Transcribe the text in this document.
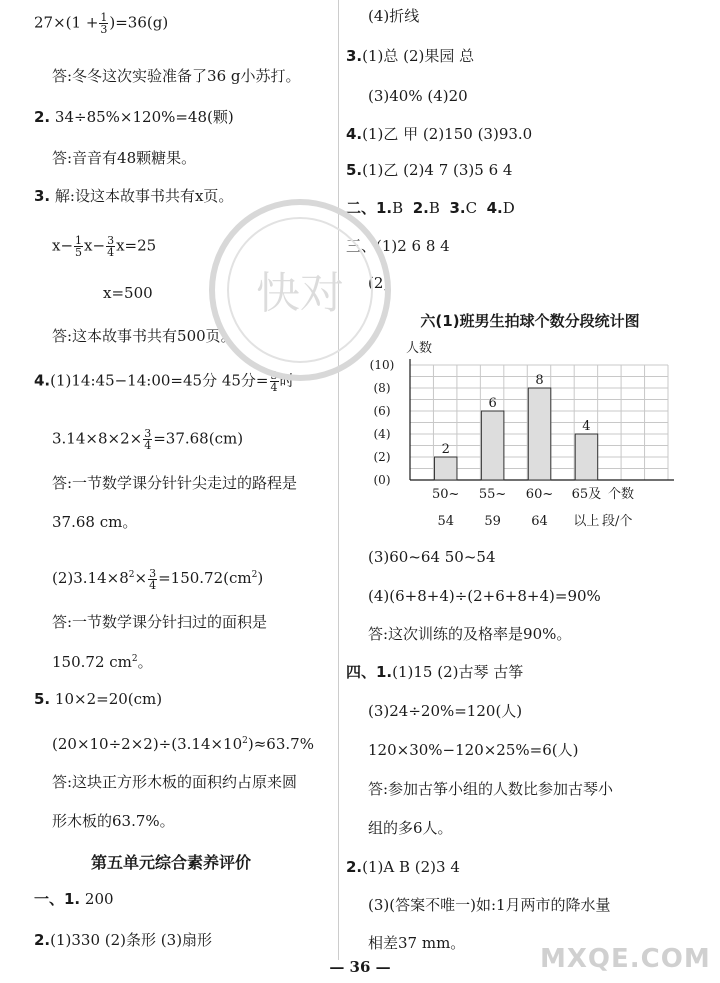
$27\times(1 + \frac{1}{3} )=36(g)$
答:冬冬这次实验准备了36 g小苏打。
2. 34÷85%×120%=48(颗)
答:音音有48颗糖果。
3. 解:设这本故事书共有x页。
$x- \frac{1}{5} x- \frac{3}{4} x=25$
x=500
答:这本故事书共有500页。
4.(1)14:45−14:00=45分 45分= $\frac{3}{4}$ 时
$3.14\times 8\times 2\times \frac{3}{4} =37.68(cm)$
答:一节数学课分针针尖走过的路程是
37.68 cm。
$(2)3.14\times 8^2\times \frac{3}{4} =150.72(cm^2)$
答:一节数学课分针扫过的面积是
150.72 $cm^2$。
5. 10×2=20(cm)
$(20\times 10\div 2\times 2)\div(3.14\times 10^2)\approx 63.7\%$
答:这块正方形木板的面积约占原来圆
形木板的63.7%。
第五单元综合素养评价
一、1. 200
2.(1)330 (2)条形 (3)扇形
(4)折线
3.(1)总 (2)果园 总
(3)40% (4)20
4.(1)乙 甲 (2)150 (3)93.0
5.(1)乙 (2)4 7 (3)5 6 4
二、1.B 2.B 3.C 4.D
三、(1)2 6 8 4
(2)
六(1)班男生拍球个数分段统计图
人数
(0)
(2)
(4)
(6)
(8)
(10)
2
50~
54
6
55~
59
8
60~
64
4
65及
以上
个数
段/个
(3)60~64 50~54
(4)(6+8+4)÷(2+6+8+4)=90%
答:这次训练的及格率是90%。
四、1.(1)15 (2)古琴 古筝
(3)24÷20%=120(人)
120×30%−120×25%=6(人)
答:参加古筝小组的人数比参加古琴小
组的多6人。
2.(1)A B (2)3 4
(3)(答案不唯一)如:1月两市的降水量
相差37 mm。
— 36 —
快对
MXQE.COM
